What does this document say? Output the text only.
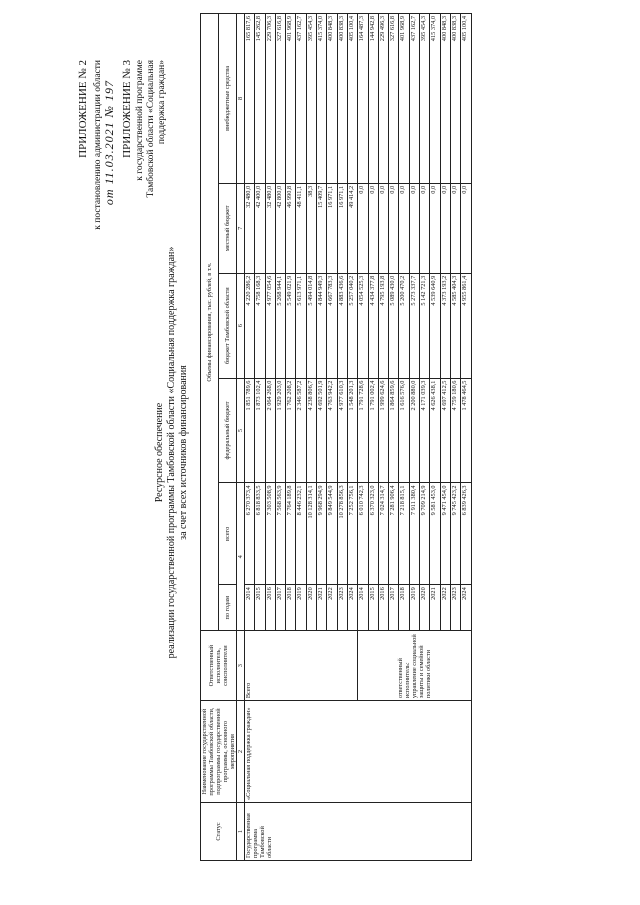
ПРИЛОЖЕНИЕ № 2 к постановлению администрации области от 11.03.2021 № 197 ПРИЛОЖЕНИЕ № 3 к государственной программе Тамбовской области «Социальная поддержка граждан»
Ресурсное обеспечение реализации государственной программы Тамбовской области «Социальная поддержка граждан» за счет всех источников финансирования
Статус	Наименование государственной программы Тамбовской области, подпрограммы государственной программы, основного мероприятия	Ответственный исполнитель, соисполнители	Объемы финансирования, тыс. рублей, в т.ч.					
			по годам	всего	федеральный бюджет	бюджет Тамбовской области	местный бюджет	внебюджетные средства
1	2	3	4		5	6	7	8
Государственная программа Тамбовской области	«Социальная поддержка граждан»	Всего	2014	6 270 373,4	1 851 789,6	4 220 286,2	32 480,0	165 817,6
			2015	6 818 833,5	1 873 102,4	4 758 168,3	42 400,0	145 262,8
			2016	7 303 508,9	2 064 268,0	4 977 054,6	32 480,0	229 706,3
			2017	7 568 563,9	1 929 203,0	5 268 944,1	42 800,0	327 616,8
			2018	7 764 189,8	1 762 208,2	5 549 021,9	46 990,8	401 968,9
			2019	8 446 232,1	2 346 587,2	5 613 971,1	48 411,1	437 162,7
			2020	10 128 314,1	4 238 806,7	5 494 014,8	38,3	395 454,3
			2021	9 968 294,9	4 692 501,9	4 844 949,3	15 409,7	415 374,0
			2022	9 849 544,9	4 763 942,2	4 667 783,3	16 971,1	400 848,3
			2023	10 278 856,3	4 977 610,3	4 883 436,6	16 971,1	400 838,3
			2024	7 252 756,1	1 548 201,3	5 257 040,2	49 414,2	405 100,4
		ответственный исполнитель: управление социальной защиты и семейной политики области	2014	6 010 742,3	1 791 728,6	4 054 525,3	0,0	164 487,3
			2015	6 370 323,0	1 791 002,4	4 434 377,8	0,0	144 942,8
			2016	7 024 314,7	1 999 624,6	4 795 193,8	0,0	229 496,3
			2017	7 281 906,4	1 864 859,6	5 089 430,0	0,0	327 616,8
			2018	7 218 815,1	1 616 576,0	5 200 470,2	0,0	401 968,9
			2019	7 911 380,4	2 200 880,0	5 273 337,7	0,0	437 162,7
			2020	9 709 214,9	4 171 039,3	5 142 721,3	0,0	395 454,3
			2021	9 581 453,0	4 626 438,1	4 539 640,9	0,0	415 374,0
			2022	9 471 454,0	4 697 412,5	4 373 193,2	0,0	400 848,3
			2023	9 745 423,2	4 759 180,6	4 585 404,3	0,0	400 838,3
			2024	6 839 426,3	1 478 464,5	4 955 861,4	0,0	405 100,4
